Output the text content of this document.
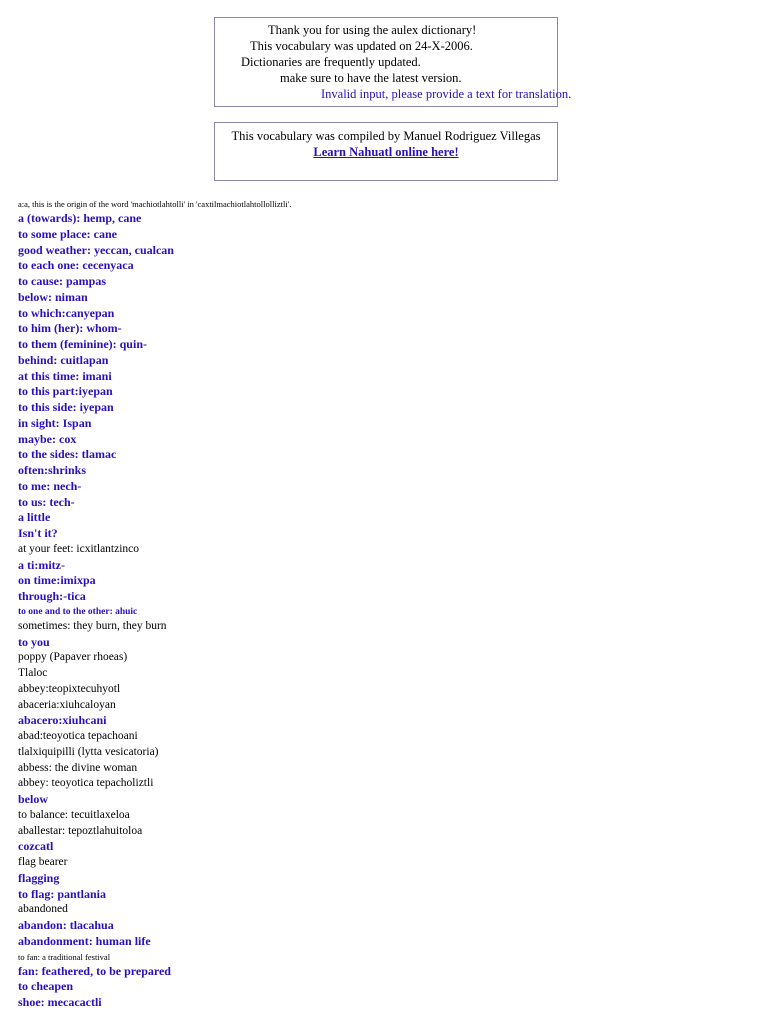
Thank you for using the aulex dictionary!
This vocabulary was updated on 24-X-2006.
Dictionaries are frequently updated.
make sure to have the latest version.
Invalid input, please provide a text for translation.
This vocabulary was compiled by Manuel Rodriguez Villegas
Learn Nahuatl online here!
a:a, this is the origin of the word 'machiotlahtolli' in 'caxtilmachiotlahtollolliztli'.
a (towards): hemp, cane
to some place: cane
good weather: yeccan, cualcan
to each one: cecenyaca
to cause: pampas
below: niman
to which:canyepan
to him (her): whom-
to them (feminine): quin-
behind: cuitlapan
at this time: imani
to this part:iyepan
to this side: iyepan
in sight: Ispan
maybe: cox
to the sides: tlamac
often:shrinks
to me: nech-
to us: tech-
a little
Isn't it?
at your feet: icxitlantzinco
a ti:mitz-
on time:imixpa
through:-tica
to one and to the other: ahuic
sometimes: they burn, they burn
to you
poppy (Papaver rhoeas)
Tlaloc
abbey:teopixtecuhyotl
abaceria:xiuhcaloyan
abacero:xiuhcani
abad:teoyotica tepachoani
tlalxiquipilli (lytta vesicatoria)
abbess: the divine woman
abbey: teoyotica tepacholiztli
below
to balance: tecuitlaxeloa
aballestar: tepoztlahuitoloa
cozcatl
flag bearer
flagging
to flag: pantlania
abandoned
abandon: tlacahua
abandonment: human life
to fan: a traditional festival
fan: feathered, to be prepared
to cheapen
shoe: mecacactli
